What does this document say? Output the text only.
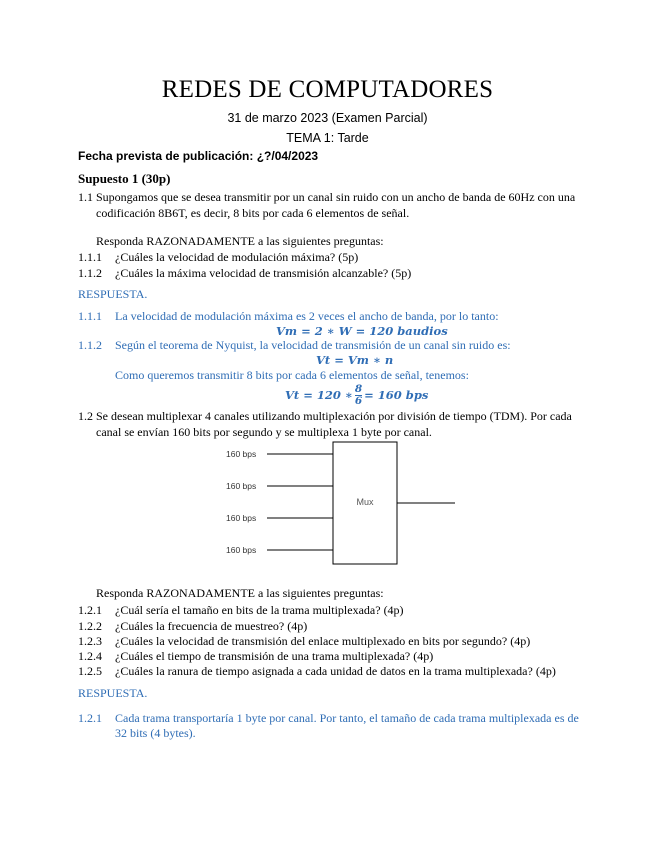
REDES DE COMPUTADORES
31 de marzo 2023 (Examen Parcial)
TEMA 1: Tarde
Fecha prevista de publicación: ¿?/04/2023
Supuesto 1 (30p)
1.1 Supongamos que se desea transmitir por un canal sin ruido con un ancho de banda de 60Hz con una
codificación 8B6T, es decir, 8 bits por cada 6 elementos de señal.
Responda RAZONADAMENTE a las siguientes preguntas:
1.1.1 ¿Cuáles la velocidad de modulación máxima? (5p)
1.1.2 ¿Cuáles la máxima velocidad de transmisión alcanzable? (5p)
RESPUESTA.
1.1.1 La velocidad de modulación máxima es 2 veces el ancho de banda, por lo tanto:
Vm = 2 ∗ W = 120 baudios
1.1.2 Según el teorema de Nyquist, la velocidad de transmisión de un canal sin ruido es:
Vt = Vm ∗ n
Como queremos transmitir 8 bits por cada 6 elementos de señal, tenemos:
Vt = 120 ∗ $\frac{8}{6} = 160$ bps
1.2 Se desean multiplexar 4 canales utilizando multiplexación por división de tiempo (TDM). Por cada
canal se envían 160 bits por segundo y se multiplexa 1 byte por canal.
Mux
160 bps
160 bps
160 bps
160 bps
Responda RAZONADAMENTE a las siguientes preguntas:
1.2.1 ¿Cuál sería el tamaño en bits de la trama multiplexada? (4p)
1.2.2 ¿Cuáles la frecuencia de muestreo? (4p)
1.2.3 ¿Cuáles la velocidad de transmisión del enlace multiplexado en bits por segundo? (4p)
1.2.4 ¿Cuáles el tiempo de transmisión de una trama multiplexada? (4p)
1.2.5 ¿Cuáles la ranura de tiempo asignada a cada unidad de datos en la trama multiplexada? (4p)
RESPUESTA.
1.2.1 Cada trama transportaría 1 byte por canal. Por tanto, el tamaño de cada trama multiplexada es de
32 bits (4 bytes).
